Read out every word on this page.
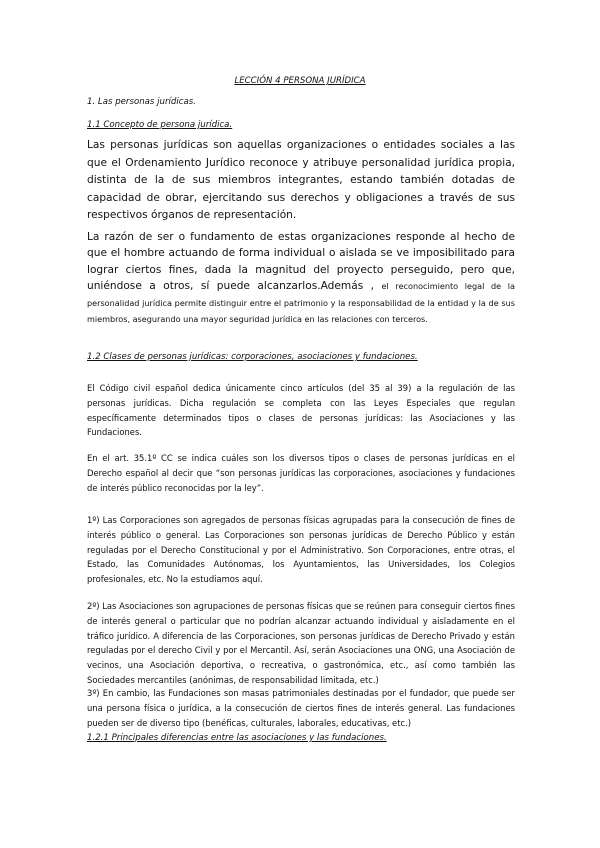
LECCIÓN 4 PERSONA JURÍDICA
1. Las personas jurídicas.
1.1 Concepto de persona jurídica.

Las personas jurídicas son aquellas organizaciones o entidades sociales a las que el Ordenamiento Jurídico reconoce y atribuye personalidad jurídica propia, distinta de la de sus miembros integrantes, estando también dotadas de capacidad de obrar, ejercitando sus derechos y obligaciones a través de sus respectivos órganos de representación.

La razón de ser o fundamento de estas organizaciones responde al hecho de que el hombre actuando de forma individual o aislada se ve imposibilitado para lograr ciertos fines, dada la magnitud del proyecto perseguido, pero que, uniéndose a otros, sí puede alcanzarlos.Además , el reconocimiento legal de la personalidad jurídica permite distinguir entre el patrimonio y la responsabilidad de la entidad y la de sus miembros, asegurando una mayor seguridad jurídica en las relaciones con terceros.

1.2 Clases de personas jurídicas: corporaciones, asociaciones y fundaciones.

El Código civil español dedica únicamente cinco artículos (del 35 al 39) a la regulación de las personas jurídicas. Dicha regulación se completa con las Leyes Especiales que regulan específicamente determinados tipos o clases de personas jurídicas: las Asociaciones y las Fundaciones.

En el art. 35.1º CC se indica cuáles son los diversos tipos o clases de personas jurídicas en el Derecho español al decir que “son personas jurídicas las corporaciones, asociaciones y fundaciones de interés público reconocidas por la ley”.

1º) Las Corporaciones son agregados de personas físicas agrupadas para la consecución de fines de interés público o general. Las Corporaciones son personas jurídicas de Derecho Público y están reguladas por el Derecho Constitucional y por el Administrativo. Son Corporaciones, entre otras, el Estado, las Comunidades Autónomas, los Ayuntamientos, las Universidades, los Colegios profesionales, etc. No la estudiamos aquí.

2º) Las Asociaciones son agrupaciones de personas físicas que se reúnen para conseguir ciertos fines de interés general o particular que no podrían alcanzar actuando individual y aisladamente en el tráfico jurídico. A diferencia de las Corporaciones, son personas jurídicas de Derecho Privado y están reguladas por el derecho Civil y por el Mercantil. Así, serán Asociaciones una ONG, una Asociación de vecinos, una Asociación deportiva, o recreativa, o gastronómica, etc., así como también las Sociedades mercantiles (anónimas, de responsabilidad limitada, etc.)

3º) En cambio, las Fundaciones son masas patrimoniales destinadas por el fundador, que puede ser una persona física o jurídica, a la consecución de ciertos fines de interés general. Las fundaciones pueden ser de diverso tipo (benéficas, culturales, laborales, educativas, etc.)

1.2.1 Principales diferencias entre las asociaciones y las fundaciones.
